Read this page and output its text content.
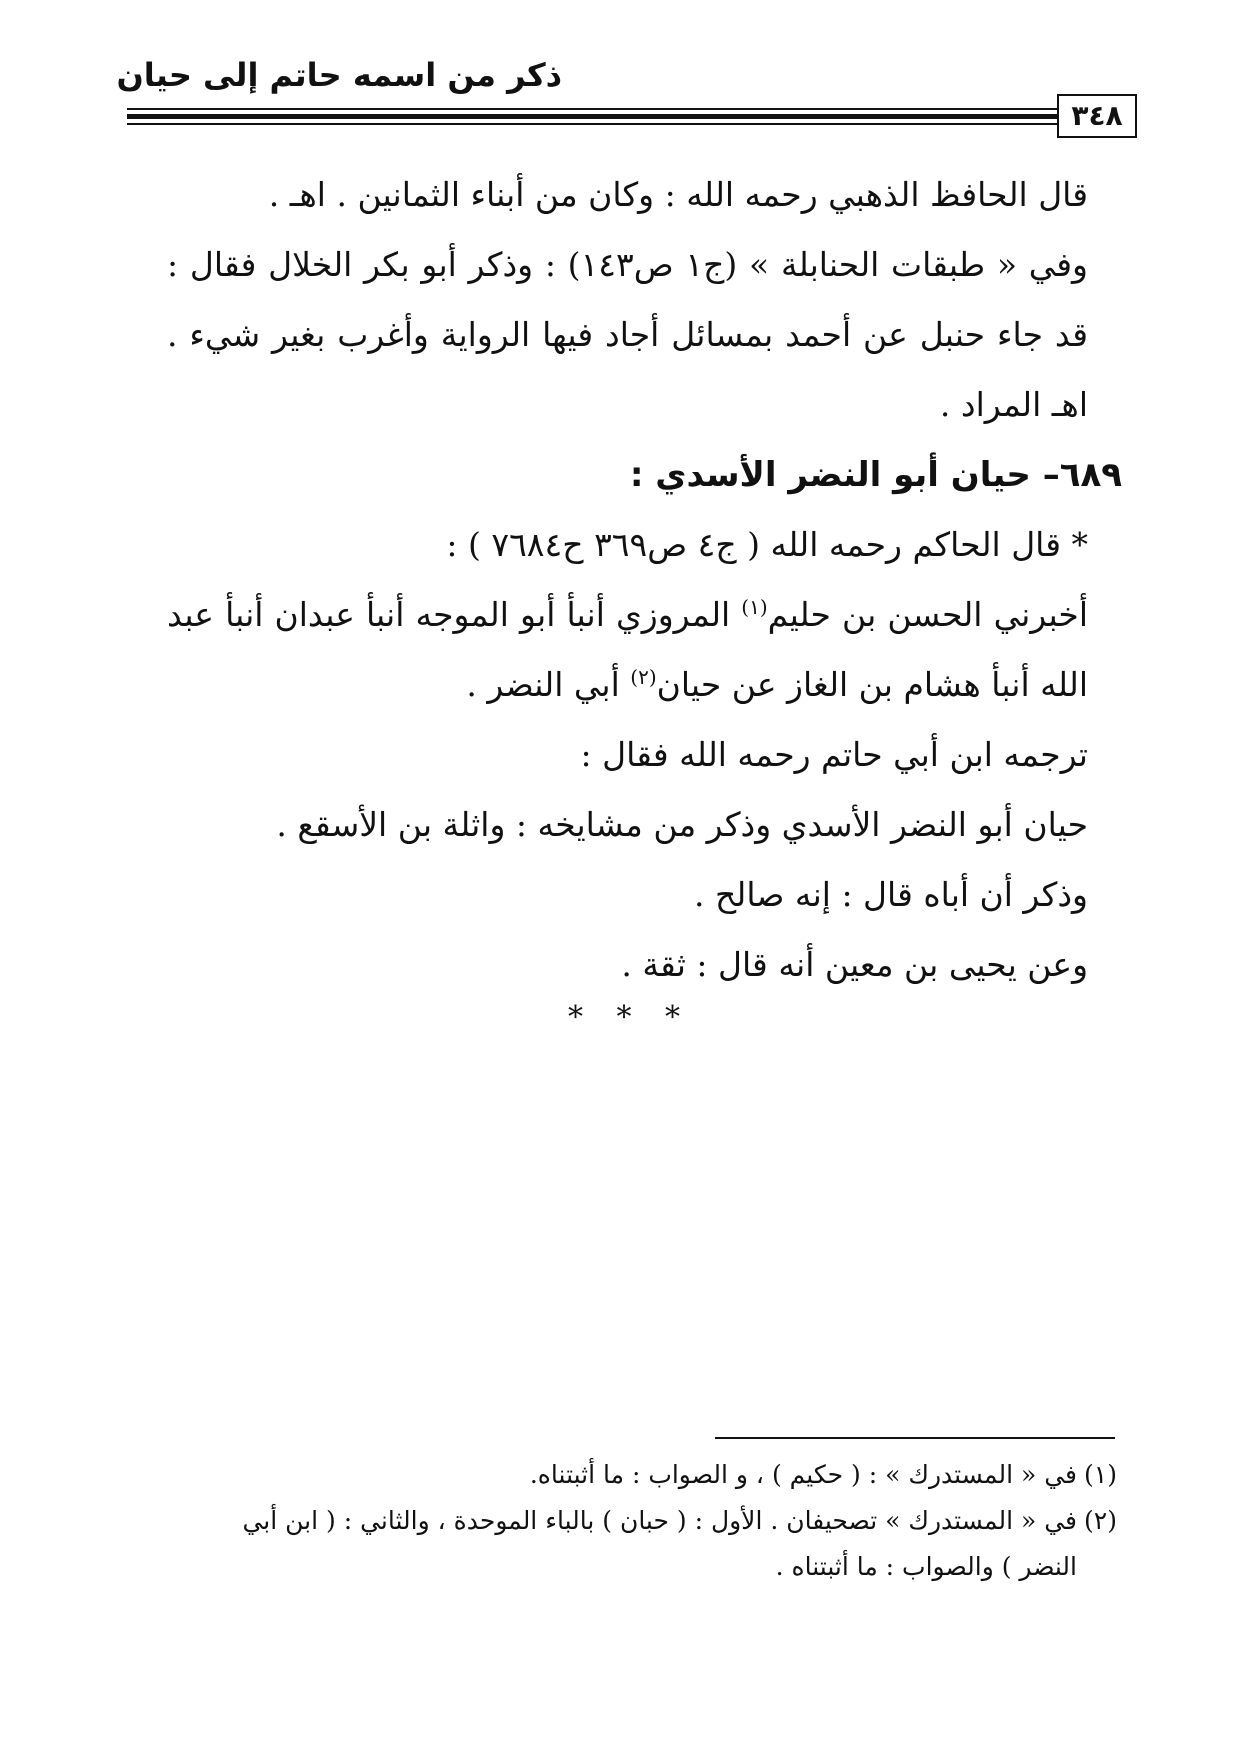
ذكر من اسمه حاتم إلى حيان
٣٤٨

قال الحافظ الذهبي رحمه الله : وكان من أبناء الثمانين . اهـ .

وفي « طبقات الحنابلة » (ج١ ص١٤٣) : وذكر أبو بكر الخلال فقال : قد جاء حنبل عن أحمد بمسائل أجاد فيها الرواية وأغرب بغير شيء . اهـ المراد .

٦٨٩– حيان أبو النضر الأسدي :

* قال الحاكم رحمه الله ( ج٤ ص٣٦٩ ح٧٦٨٤ ) :

أخبرني الحسن بن حليم$^{(١)}$ المروزي أنبأ أبو الموجه أنبأ عبدان أنبأ عبد الله أنبأ هشام بن الغاز عن حيان$^{(٢)}$ أبي النضر .

ترجمه ابن أبي حاتم رحمه الله فقال :

حيان أبو النضر الأسدي وذكر من مشايخه : واثلة بن الأسقع .

وذكر أن أباه قال : إنه صالح .

وعن يحيى بن معين أنه قال : ثقة .

* * *

(١)في « المستدرك » : ( حكيم ) ، و الصواب : ما أثبتناه.

(٢)في « المستدرك » تصحيفان . الأول : ( حبان ) بالباء الموحدة ، والثاني : ( ابن أبي

النضر ) والصواب : ما أثبتناه .
